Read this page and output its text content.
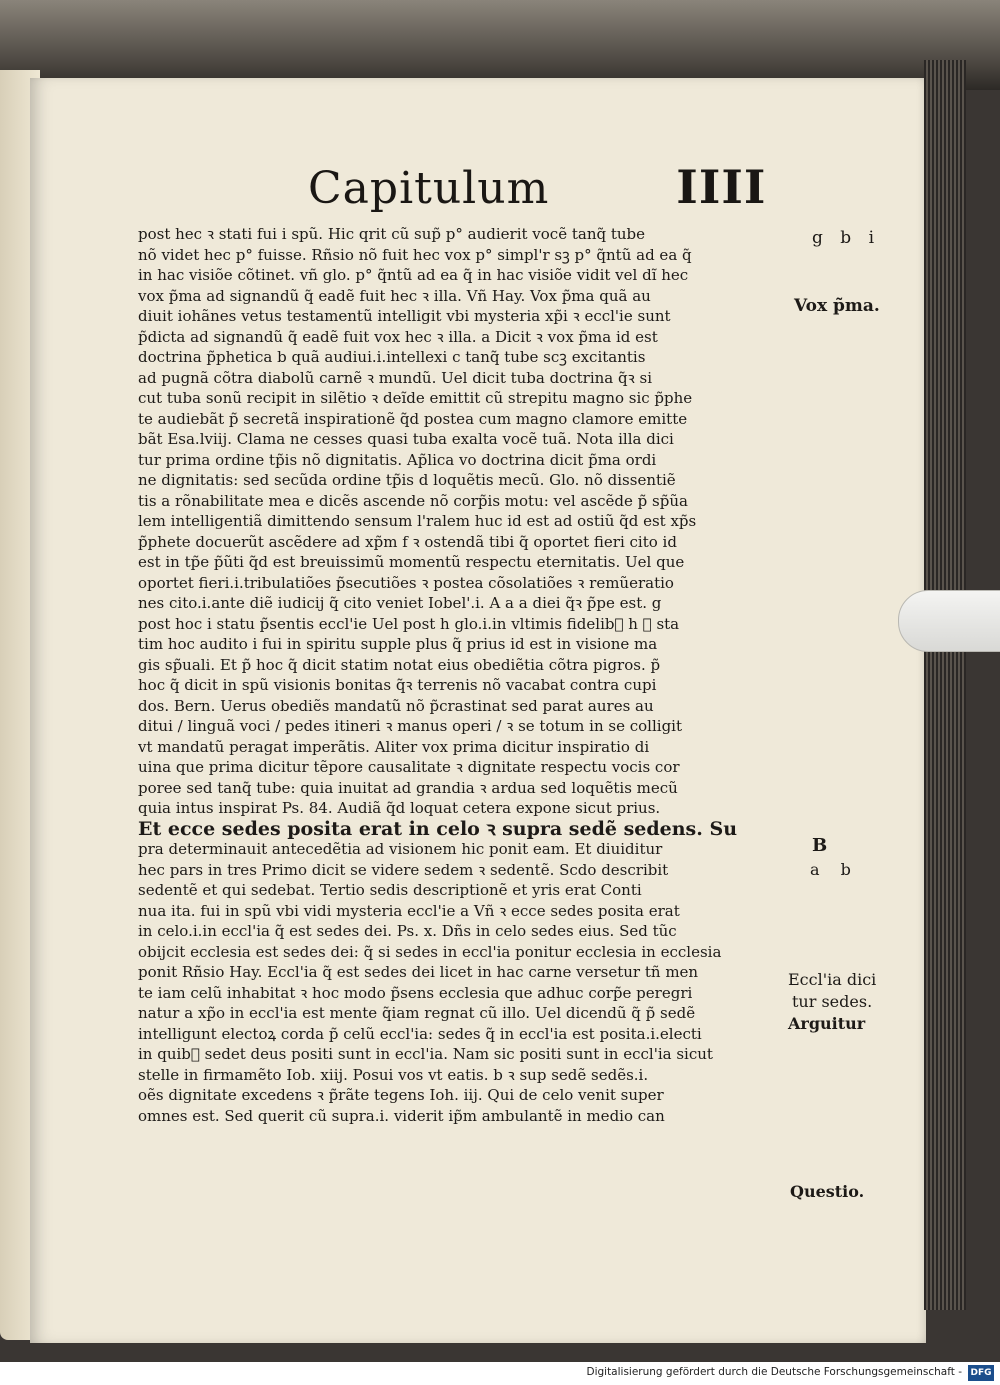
Capitulum	IIII
post hec ꝛ stati fui i spũ. Hic qrit cũ sup̃ p° audierit vocẽ tanq̃ tube
nõ videt hec p° fuisse. Rñsio nõ fuit hec vox p° simpl'r sꝫ p° q̃ntũ ad ea q̃
in hac visiõe cõtinet. vñ glo. p° q̃ntũ ad ea q̃ in hac visiõe vidit vel dĩ hec
vox p̃ma ad signandũ q̃ eadẽ fuit hec ꝛ illa. Vñ Hay. Vox p̃ma quã au
diuit iohãnes vetus testamentũ intelligit vbi mysteria xp̃i ꝛ eccl'ie sunt
p̃dicta ad signandũ q̃ eadẽ fuit vox hec ꝛ illa. a Dicit ꝛ vox p̃ma id est
doctrina p̃phetica b quã audiui.i.intellexi c tanq̃ tube scꝫ excitantis
ad pugnã cõtra diabolũ carnẽ ꝛ mundũ. Uel dicit tuba doctrina q̃ꝛ si
cut tuba sonũ recipit in silẽtio ꝛ deĩde emittit cũ strepitu magno sic p̃phe
te audiebãt p̃ secretã inspirationẽ q̃d postea cum magno clamore emitte
bãt Esa.lviij. Clama ne cesses quasi tuba exalta vocẽ tuã. Nota illa dici
tur prima ordine tp̃is nõ dignitatis. Ap̃lica vo doctrina dicit p̃ma ordi
ne dignitatis: sed secũda ordine tp̃is d loquẽtis mecũ. Glo. nõ dissentiẽ
tis a rõnabilitate mea e dicẽs ascende nõ corp̃is motu: vel ascẽde p̃ sp̃ũa
lem intelligentiã dimittendo sensum l'ralem huc id est ad ostiũ q̃d est xp̃s
p̃phete docuerũt ascẽdere ad xp̃m f ꝛ ostendã tibi q̃ oportet fieri cito id
est in tp̃e p̃ũti q̃d est breuissimũ momentũ respectu eternitatis. Uel que
oportet fieri.i.tribulatiões p̃secutiões ꝛ postea cõsolatiões ꝛ remũeratio
nes cito.i.ante diẽ iudicij q̃ cito veniet Iobel'.i. A a a diei q̃ꝛ p̃pe est. g
post hoc i statu p̃sentis eccl'ie Uel post h glo.i.in vltimis fidelib᷑ h ꝛ sta
tim hoc audito i fui in spiritu supple plus q̃ prius id est in visione ma
gis sp̃uali. Et p̃ hoc q̃ dicit statim notat eius obediẽtia cõtra pigros. p̃
hoc q̃ dicit in spũ visionis bonitas q̃ꝛ terrenis nõ vacabat contra cupi
dos. Bern. Uerus obediẽs mandatũ nõ p̃crastinat sed parat aures au
ditui / linguã voci / pedes itineri ꝛ manus operi / ꝛ se totum in se colligit
vt mandatũ peragat imperãtis. Aliter vox prima dicitur inspiratio di
uina que prima dicitur tẽpore causalitate ꝛ dignitate respectu vocis cor
poree sed tanq̃ tube: quia inuitat ad grandia ꝛ ardua sed loquẽtis mecũ
quia intus inspirat Ps. 84. Audiã q̃d loquat cetera expone sicut prius.
Et ecce sedes posita erat in celo ꝛ supra sedẽ sedens. Su
pra determinauit antecedẽtia ad visionem hic ponit eam. Et diuiditur
hec pars in tres Primo dicit se videre sedem ꝛ sedentẽ. Scdo describit
sedentẽ et qui sedebat. Tertio sedis descriptionẽ et yris erat Conti
nua ita. fui in spũ vbi vidi mysteria eccl'ie a Vñ ꝛ ecce sedes posita erat
in celo.i.in eccl'ia q̃ est sedes dei. Ps. x. Dñs in celo sedes eius. Sed tũc
obijcit ecclesia est sedes dei: q̃ si sedes in eccl'ia ponitur ecclesia in ecclesia
ponit Rñsio Hay. Eccl'ia q̃ est sedes dei licet in hac carne versetur tñ men
te iam celũ inhabitat ꝛ hoc modo p̃sens ecclesia que adhuc corp̃e peregri
natur a xp̃o in eccl'ia est mente q̃iam regnat cũ illo. Uel dicendũ q̃ p̃ sedẽ
intelligunt electoꝝ corda p̃ celũ eccl'ia: sedes q̃ in eccl'ia est posita.i.electi
in quib᷑ sedet deus positi sunt in eccl'ia. Nam sic positi sunt in eccl'ia sicut
stelle in firmamẽto Iob. xiij. Posui vos vt eatis. b ꝛ sup sedẽ sedẽs.i.
oẽs dignitate excedens ꝛ p̃rãte tegens Ioh. iij. Qui de celo venit super
omnes est. Sed querit cũ supra.i. viderit ip̃m ambulantẽ in medio can
g b i
Vox p̃ma.
B
a b
Eccl'ia dici
tur sedes.
Arguitur
Questio.
Digitalisierung gefördert durch die Deutsche Forschungsgemeinschaft - DFG
